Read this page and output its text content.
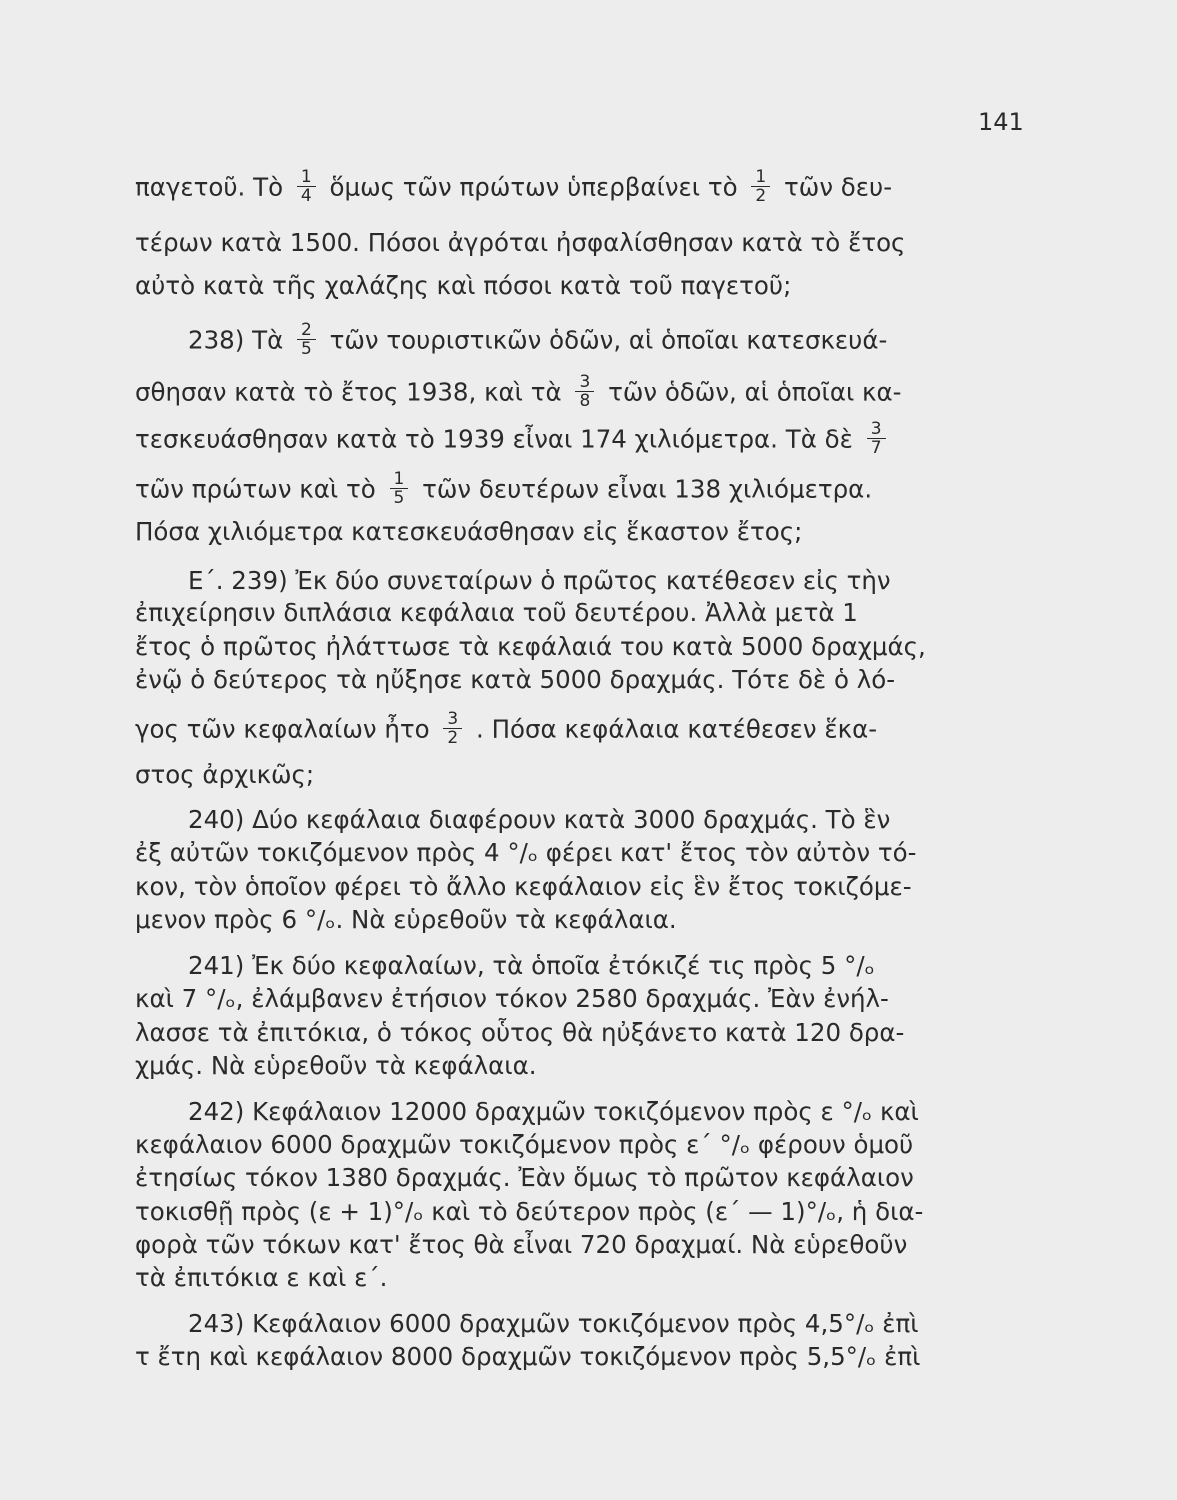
141
παγετοῦ. Τὸ $\frac{1}{4}$ ὅμως τῶν πρώτων ὑπερβαίνει τὸ $\frac{1}{2}$ τῶν δευ-
τέρων κατὰ 1500. Πόσοι ἀγρόται ἠσφαλίσθησαν κατὰ τὸ ἔτος
αὐτὸ κατὰ τῆς χαλάζης καὶ πόσοι κατὰ τοῦ παγετοῦ;
238) Τὰ $\frac{2}{5}$ τῶν τουριστικῶν ὁδῶν, αἱ ὁποῖαι κατεσκευά-
σθησαν κατὰ τὸ ἔτος 1938, καὶ τὰ $\frac{3}{8}$ τῶν ὁδῶν, αἱ ὁποῖαι κα-
τεσκευάσθησαν κατὰ τὸ 1939 εἶναι 174 χιλιόμετρα. Τὰ δὲ $\frac{3}{7}$
τῶν πρώτων καὶ τὸ $\frac{1}{5}$ τῶν δευτέρων εἶναι 138 χιλιόμετρα.
Πόσα χιλιόμετρα κατεσκευάσθησαν εἰς ἕκαστον ἔτος;
Ε΄. 239) Ἐκ δύο συνεταίρων ὁ πρῶτος κατέθεσεν εἰς τὴν
ἐπιχείρησιν διπλάσια κεφάλαια τοῦ δευτέρου. Ἀλλὰ μετὰ 1
ἔτος ὁ πρῶτος ἠλάττωσε τὰ κεφάλαιά του κατὰ 5000 δραχμάς,
ἐνῷ ὁ δεύτερος τὰ ηὔξησε κατὰ 5000 δραχμάς. Τότε δὲ ὁ λό-
γος τῶν κεφαλαίων ἦτο $\frac{3}{2}$ . Πόσα κεφάλαια κατέθεσεν ἕκα-
στος ἀρχικῶς;
240) Δύο κεφάλαια διαφέρουν κατὰ 3000 δραχμάς. Τὸ ἓν
ἐξ αὐτῶν τοκιζόμενον πρὸς 4 °/ₒ φέρει κατ' ἔτος τὸν αὐτὸν τό-
κον, τὸν ὁποῖον φέρει τὸ ἄλλο κεφάλαιον εἰς ἓν ἔτος τοκιζόμε-
μενον πρὸς 6 °/ₒ. Νὰ εὑρεθοῦν τὰ κεφάλαια.
241) Ἐκ δύο κεφαλαίων, τὰ ὁποῖα ἐτόκιζέ τις πρὸς 5 °/ₒ
καὶ 7 °/ₒ, ἐλάμβανεν ἐτήσιον τόκον 2580 δραχμάς. Ἐὰν ἐνήλ-
λασσε τὰ ἐπιτόκια, ὁ τόκος οὗτος θὰ ηὐξάνετο κατὰ 120 δρα-
χμάς. Νὰ εὑρεθοῦν τὰ κεφάλαια.
242) Κεφάλαιον 12000 δραχμῶν τοκιζόμενον πρὸς ε °/ₒ καὶ
κεφάλαιον 6000 δραχμῶν τοκιζόμενον πρὸς ε΄ °/ₒ φέρουν ὁμοῦ
ἐτησίως τόκον 1380 δραχμάς. Ἐὰν ὅμως τὸ πρῶτον κεφάλαιον
τοκισθῇ πρὸς (ε + 1)°/ₒ καὶ τὸ δεύτερον πρὸς (ε΄ — 1)°/ₒ, ἡ δια-
φορὰ τῶν τόκων κατ' ἔτος θὰ εἶναι 720 δραχμαί. Νὰ εὑρεθοῦν
τὰ ἐπιτόκια ε καὶ ε΄.
243) Κεφάλαιον 6000 δραχμῶν τοκιζόμενον πρὸς 4,5°/ₒ ἐπὶ
τ ἔτη καὶ κεφάλαιον 8000 δραχμῶν τοκιζόμενον πρὸς 5,5°/ₒ ἐπὶ
